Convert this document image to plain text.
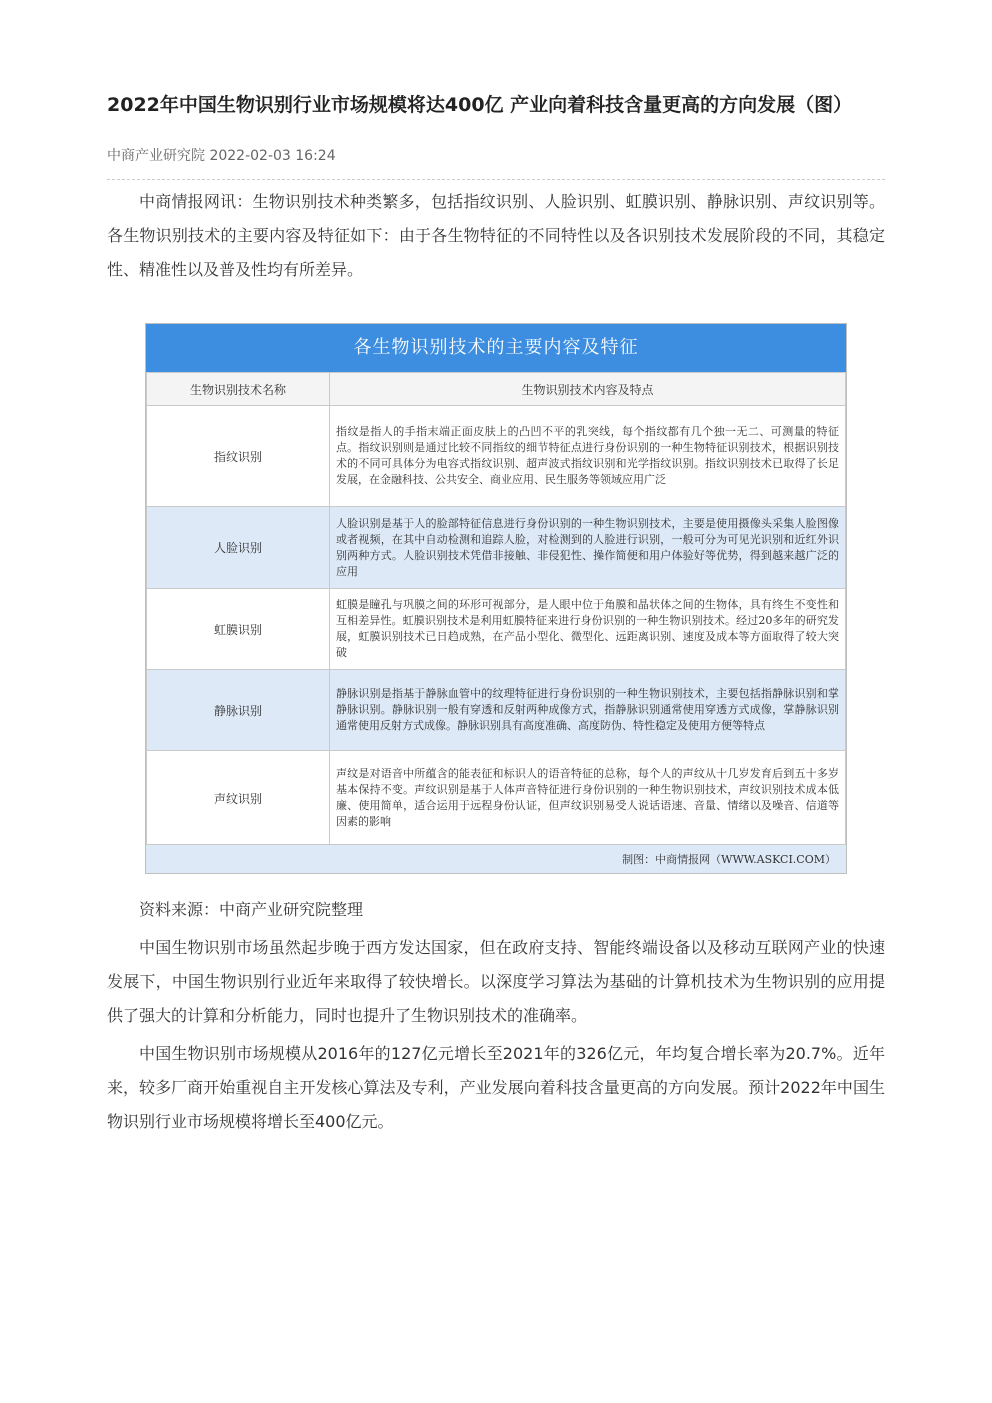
2022年中国生物识别行业市场规模将达400亿 产业向着科技含量更高的方向发展（图）
中商产业研究院 2022-02-03 16:24

中商情报网讯：生物识别技术种类繁多，包括指纹识别、人脸识别、虹膜识别、静脉识别、声纹识别等。各生物识别技术的主要内容及特征如下：由于各生物特征的不同特性以及各识别技术发展阶段的不同，其稳定性、精准性以及普及性均有所差异。

各生物识别技术的主要内容及特征
生物识别技术名称	生物识别技术内容及特点
指纹识别	指纹是指人的手指末端正面皮肤上的凸凹不平的乳突线，每个指纹都有几个独一无二、可测量的特征点。指纹识别则是通过比较不同指纹的细节特征点进行身份识别的一种生物特征识别技术，根据识别技术的不同可具体分为电容式指纹识别、超声波式指纹识别和光学指纹识别。指纹识别技术已取得了长足发展，在金融科技、公共安全、商业应用、民生服务等领域应用广泛
人脸识别	人脸识别是基于人的脸部特征信息进行身份识别的一种生物识别技术，主要是使用摄像头采集人脸图像或者视频，在其中自动检测和追踪人脸，对检测到的人脸进行识别，一般可分为可见光识别和近红外识别两种方式。人脸识别技术凭借非接触、非侵犯性、操作简便和用户体验好等优势，得到越来越广泛的应用
虹膜识别	虹膜是瞳孔与巩膜之间的环形可视部分，是人眼中位于角膜和晶状体之间的生物体，具有终生不变性和互相差异性。虹膜识别技术是利用虹膜特征来进行身份识别的一种生物识别技术。经过20多年的研究发展，虹膜识别技术已日趋成熟，在产品小型化、微型化、远距离识别、速度及成本等方面取得了较大突破
静脉识别	静脉识别是指基于静脉血管中的纹理特征进行身份识别的一种生物识别技术，主要包括指静脉识别和掌静脉识别。静脉识别一般有穿透和反射两种成像方式，指静脉识别通常使用穿透方式成像，掌静脉识别通常使用反射方式成像。静脉识别具有高度准确、高度防伪、特性稳定及使用方便等特点
声纹识别	声纹是对语音中所蕴含的能表征和标识人的语音特征的总称，每个人的声纹从十几岁发育后到五十多岁基本保持不变。声纹识别是基于人体声音特征进行身份识别的一种生物识别技术，声纹识别技术成本低廉、使用简单，适合运用于远程身份认证，但声纹识别易受人说话语速、音量、情绪以及噪音、信道等因素的影响
制图：中商情报网（WWW.ASKCI.COM）

资料来源：中商产业研究院整理

中国生物识别市场虽然起步晚于西方发达国家，但在政府支持、智能终端设备以及移动互联网产业的快速发展下，中国生物识别行业近年来取得了较快增长。以深度学习算法为基础的计算机技术为生物识别的应用提供了强大的计算和分析能力，同时也提升了生物识别技术的准确率。

中国生物识别市场规模从2016年的127亿元增长至2021年的326亿元，年均复合增长率为20.7%。近年来，较多厂商开始重视自主开发核心算法及专利，产业发展向着科技含量更高的方向发展。预计2022年中国生物识别行业市场规模将增长至400亿元。
